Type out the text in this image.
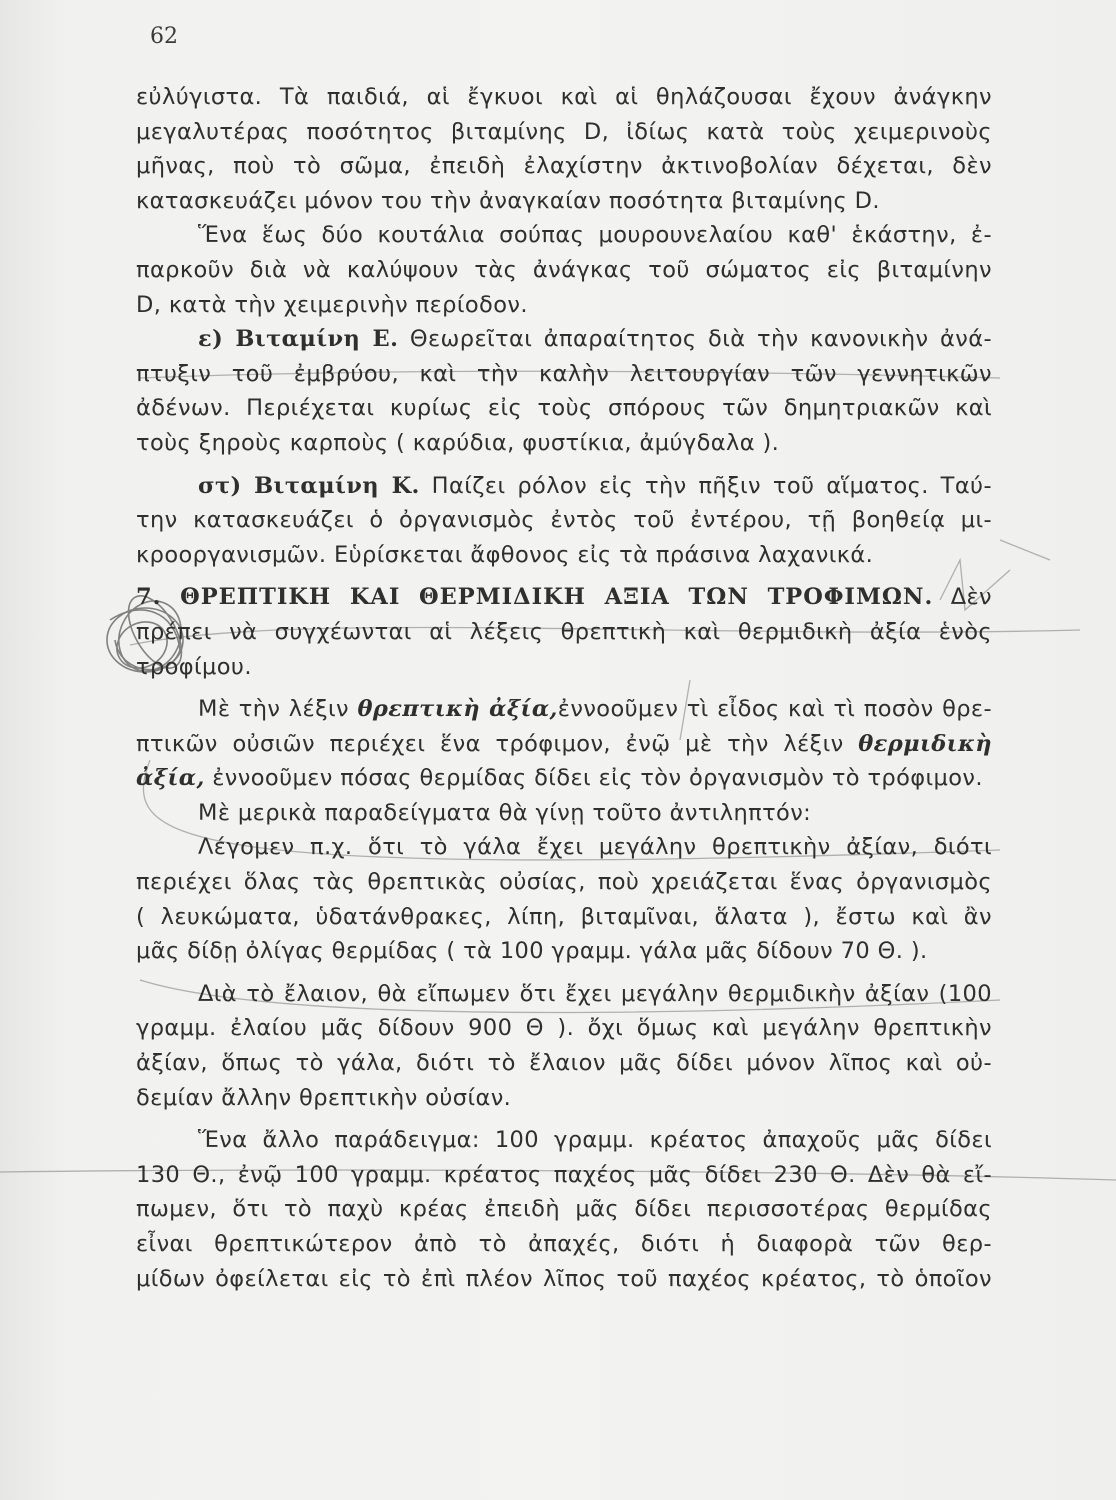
62
εὐλύγιστα. Τὰ παιδιά, αἱ ἔγκυοι καὶ αἱ θηλάζουσαι ἔχουν ἀνάγκην
μεγαλυτέρας ποσότητος βιταμίνης D, ἰδίως κατὰ τοὺς χειμερινοὺς
μῆνας, ποὺ τὸ σῶμα, ἐπειδὴ ἐλαχίστην ἀκτινοβολίαν δέχεται, δὲν
κατασκευάζει μόνον του τὴν ἀναγκαίαν ποσότητα βιταμίνης D.
Ἕνα ἕως δύο κουτάλια σούπας μουρουνελαίου καθ' ἑκάστην, ἐ-
παρκοῦν διὰ νὰ καλύψουν τὰς ἀνάγκας τοῦ σώματος εἰς βιταμίνην
D, κατὰ τὴν χειμερινὴν περίοδον.
ε) Βιταμίνη Ε. Θεωρεῖται ἀπαραίτητος διὰ τὴν κανονικὴν ἀνά-
πτυξιν τοῦ ἐμβρύου, καὶ τὴν καλὴν λειτουργίαν τῶν γεννητικῶν
ἀδένων. Περιέχεται κυρίως εἰς τοὺς σπόρους τῶν δημητριακῶν καὶ
τοὺς ξηροὺς καρποὺς ( καρύδια, φυστίκια, ἀμύγδαλα ).
στ) Βιταμίνη Κ. Παίζει ρόλον εἰς τὴν πῆξιν τοῦ αἵματος. Ταύ-
την κατασκευάζει ὁ ὀργανισμὸς ἐντὸς τοῦ ἐντέρου, τῇ βοηθείᾳ μι-
κροοργανισμῶν. Εὑρίσκεται ἄφθονος εἰς τὰ πράσινα λαχανικά.
7. ΘΡΕΠΤΙΚΗ ΚΑΙ ΘΕΡΜΙΔΙΚΗ ΑΞΙΑ ΤΩΝ ΤΡΟΦΙΜΩΝ. Δὲν
πρέπει νὰ συγχέωνται αἱ λέξεις θρεπτικὴ καὶ θερμιδικὴ ἀξία ἑνὸς
τροφίμου.
Μὲ τὴν λέξιν θρεπτικὴ ἀξία,ἐννοοῦμεν τὶ εἶδος καὶ τὶ ποσὸν θρε-
πτικῶν οὐσιῶν περιέχει ἕνα τρόφιμον, ἐνῷ μὲ τὴν λέξιν θερμιδικὴ
ἀξία, ἐννοοῦμεν πόσας θερμίδας δίδει εἰς τὸν ὀργανισμὸν τὸ τρόφιμον.
Μὲ μερικὰ παραδείγματα θὰ γίνῃ τοῦτο ἀντιληπτόν:
Λέγομεν π.χ. ὅτι τὸ γάλα ἔχει μεγάλην θρεπτικὴν ἀξίαν, διότι
περιέχει ὅλας τὰς θρεπτικὰς οὐσίας, ποὺ χρειάζεται ἕνας ὀργανισμὸς
( λευκώματα, ὑδατάνθρακες, λίπη, βιταμῖναι, ἅλατα ), ἔστω καὶ ἂν
μᾶς δίδῃ ὀλίγας θερμίδας ( τὰ 100 γραμμ. γάλα μᾶς δίδουν 70 Θ. ).
Διὰ τὸ ἔλαιον, θὰ εἴπωμεν ὅτι ἔχει μεγάλην θερμιδικὴν ἀξίαν (100
γραμμ. ἐλαίου μᾶς δίδουν 900 Θ ). ὄχι ὅμως καὶ μεγάλην θρεπτικὴν
ἀξίαν, ὅπως τὸ γάλα, διότι τὸ ἔλαιον μᾶς δίδει μόνον λῖπος καὶ οὐ-
δεμίαν ἄλλην θρεπτικὴν οὐσίαν.
Ἕνα ἄλλο παράδειγμα: 100 γραμμ. κρέατος ἀπαχοῦς μᾶς δίδει
130 Θ., ἐνῷ 100 γραμμ. κρέατος παχέος μᾶς δίδει 230 Θ. Δὲν θὰ εἴ-
πωμεν, ὅτι τὸ παχὺ κρέας ἐπειδὴ μᾶς δίδει περισσοτέρας θερμίδας
εἶναι θρεπτικώτερον ἀπὸ τὸ ἀπαχές, διότι ἡ διαφορὰ τῶν θερ-
μίδων ὀφείλεται εἰς τὸ ἐπὶ πλέον λῖπος τοῦ παχέος κρέατος, τὸ ὁποῖον
